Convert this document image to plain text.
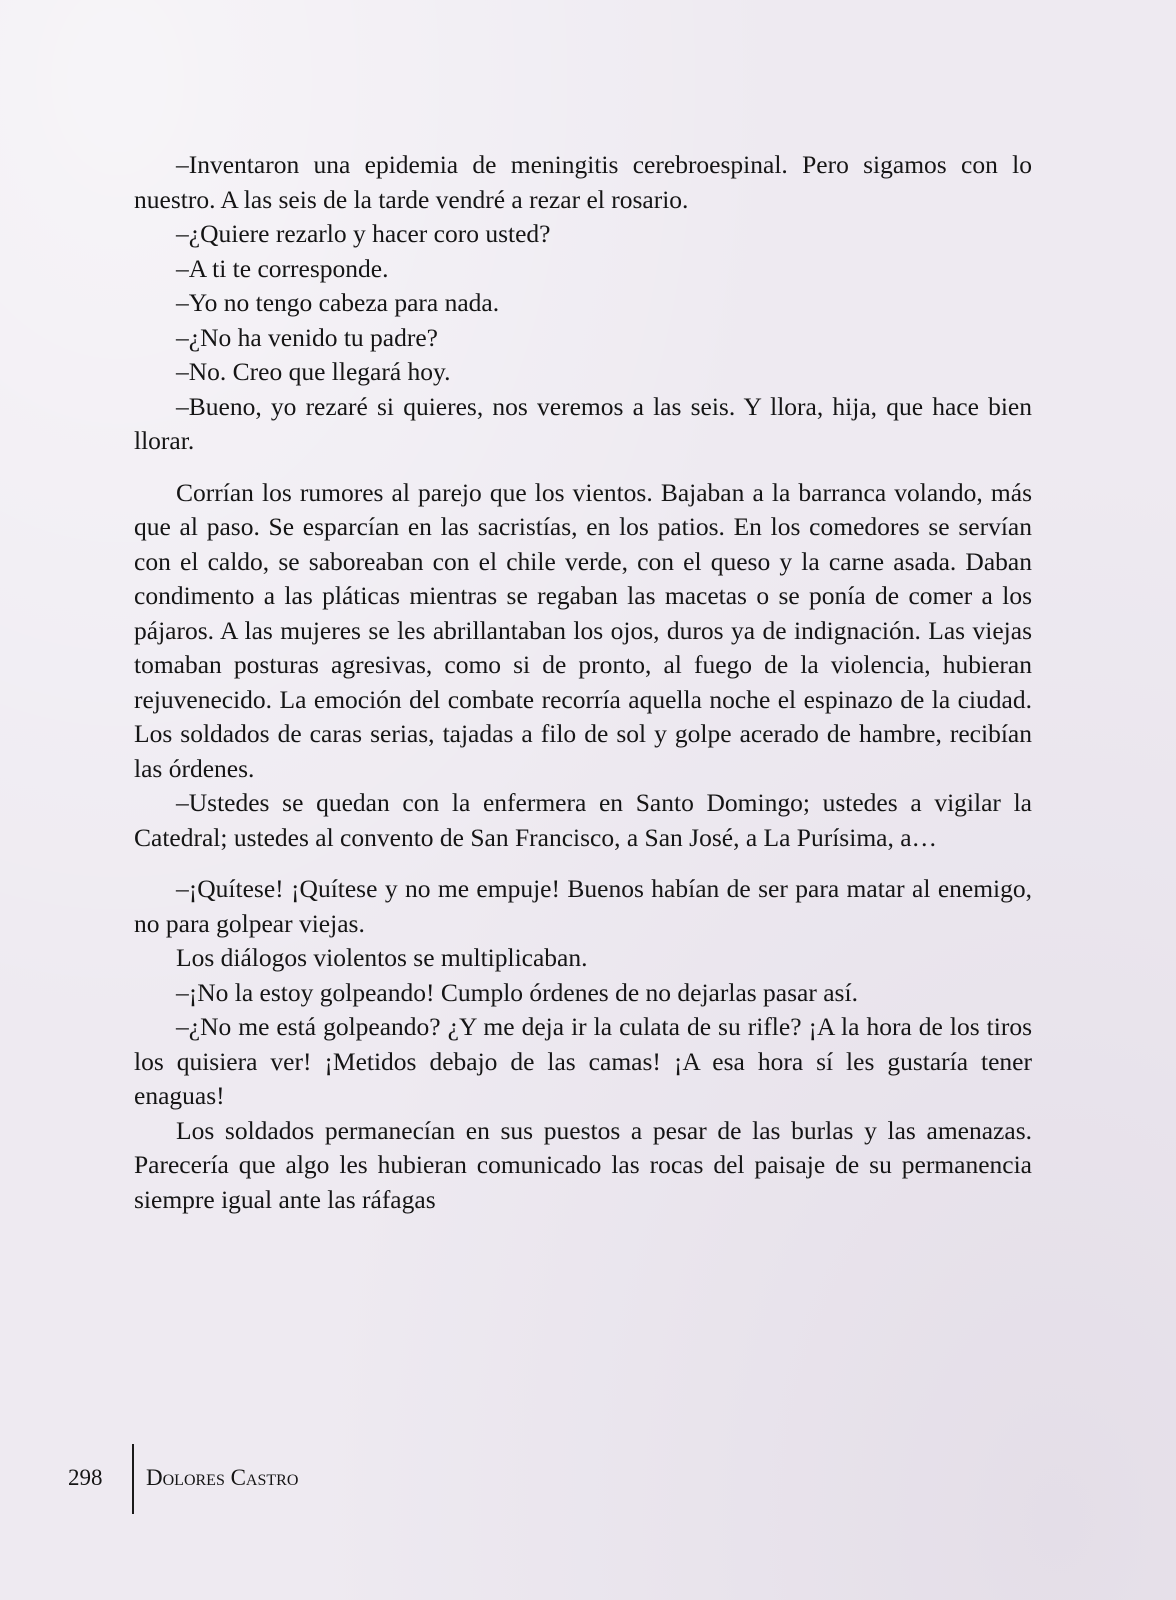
–Inventaron una epidemia de meningitis cerebroespinal. Pero sigamos con lo nuestro. A las seis de la tarde vendré a rezar el rosario.

–¿Quiere rezarlo y hacer coro usted?

–A ti te corresponde.

–Yo no tengo cabeza para nada.

–¿No ha venido tu padre?

–No. Creo que llegará hoy.

–Bueno, yo rezaré si quieres, nos veremos a las seis. Y llora, hija, que hace bien llorar.

Corrían los rumores al parejo que los vientos. Bajaban a la barranca volando, más que al paso. Se esparcían en las sacristías, en los patios. En los comedores se servían con el caldo, se saboreaban con el chile verde, con el queso y la carne asada. Daban condimento a las pláticas mientras se regaban las macetas o se ponía de comer a los pájaros. A las mujeres se les abrillantaban los ojos, duros ya de indignación. Las viejas tomaban posturas agresivas, como si de pronto, al fuego de la violencia, hubieran rejuvenecido. La emoción del combate recorría aquella noche el espinazo de la ciudad. Los soldados de caras serias, tajadas a filo de sol y golpe acerado de hambre, recibían las órdenes.

–Ustedes se quedan con la enfermera en Santo Domingo; ustedes a vigilar la Catedral; ustedes al convento de San Francisco, a San José, a La Purísima, a…

–¡Quítese! ¡Quítese y no me empuje! Buenos habían de ser para matar al enemigo, no para golpear viejas.

Los diálogos violentos se multiplicaban.

–¡No la estoy golpeando! Cumplo órdenes de no dejarlas pasar así.

–¿No me está golpeando? ¿Y me deja ir la culata de su rifle? ¡A la hora de los tiros los quisiera ver! ¡Metidos debajo de las camas! ¡A esa hora sí les gustaría tener enaguas!

Los soldados permanecían en sus puestos a pesar de las burlas y las amenazas. Parecería que algo les hubieran comunicado las rocas del paisaje de su permanencia siempre igual ante las ráfagas

298 Dolores Castro
